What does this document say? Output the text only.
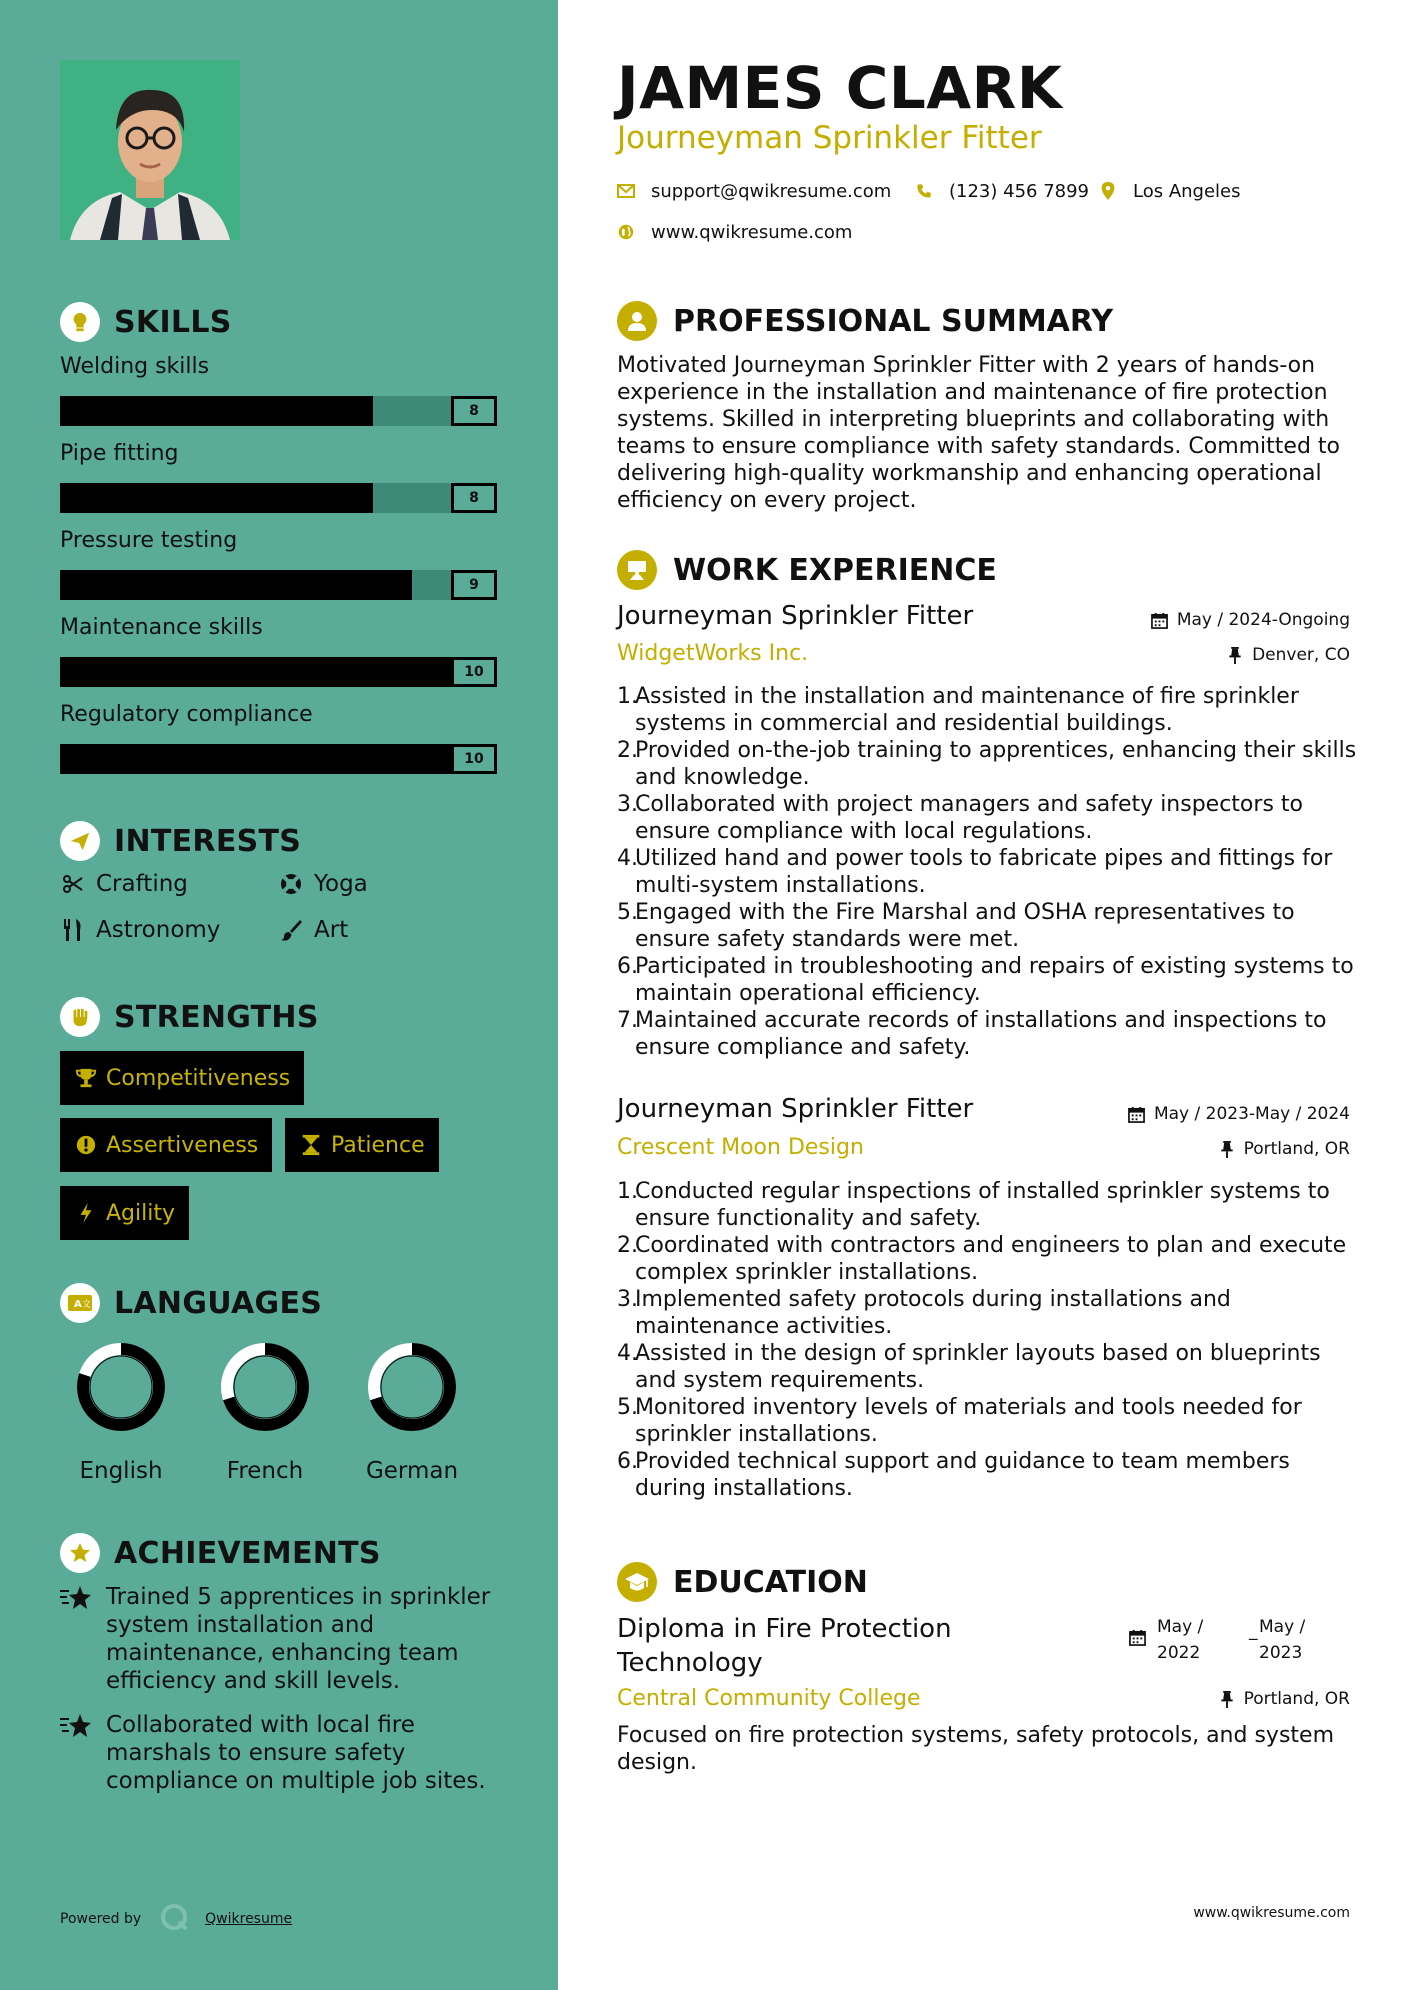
SKILLS
Welding skills
8
Pipe fitting
8
Pressure testing
9
Maintenance skills
10
Regulatory compliance
10
INTERESTS
Crafting	Yoga
Astronomy	Art
STRENGTHS
Competitiveness
Assertiveness	Patience
Agility
A 文 LANGUAGES
English	French	German
ACHIEVEMENTS
Trained 5 apprentices in sprinkler system installation and maintenance, enhancing team efficiency and skill levels.
Collaborated with local fire marshals to ensure safety compliance on multiple job sites.
Powered by	Qwikresume
JAMES CLARK
Journeyman Sprinkler Fitter
support@qwikresume.com	(123) 456 7899 Los Angeles
www.qwikresume.com
PROFESSIONAL SUMMARY
Motivated Journeyman Sprinkler Fitter with 2 years of hands-on experience in the installation and maintenance of fire protection systems. Skilled in interpreting blueprints and collaborating with teams to ensure compliance with safety standards. Committed to delivering high-quality workmanship and enhancing operational efficiency on every project.
WORK EXPERIENCE
Journeyman Sprinkler Fitter	May / 2024-Ongoing
WidgetWorks Inc.	Denver, CO
1.
Assisted in the installation and maintenance of fire sprinkler systems in commercial and residential buildings.
2.
Provided on-the-job training to apprentices, enhancing their skills and knowledge.
3.
Collaborated with project managers and safety inspectors to ensure compliance with local regulations.
4.
Utilized hand and power tools to fabricate pipes and fittings for multi-system installations.
5.
Engaged with the Fire Marshal and OSHA representatives to ensure safety standards were met.
6.
Participated in troubleshooting and repairs of existing systems to maintain operational efficiency.
7.
Maintained accurate records of installations and inspections to ensure compliance and safety.
Journeyman Sprinkler Fitter	May / 2023-May / 2024
Crescent Moon Design	Portland, OR
1.
Conducted regular inspections of installed sprinkler systems to ensure functionality and safety.
2.
Coordinated with contractors and engineers to plan and execute complex sprinkler installations.
3.
Implemented safety protocols during installations and maintenance activities.
4.
Assisted in the design of sprinkler layouts based on blueprints and system requirements.
5.
Monitored inventory levels of materials and tools needed for sprinkler installations.
6.
Provided technical support and guidance to team members during installations.
EDUCATION
Diploma in Fire Protection
Technology
May /
2022
_ May /
2023
Central Community College	Portland, OR
Focused on fire protection systems, safety protocols, and system design.
www.qwikresume.com
